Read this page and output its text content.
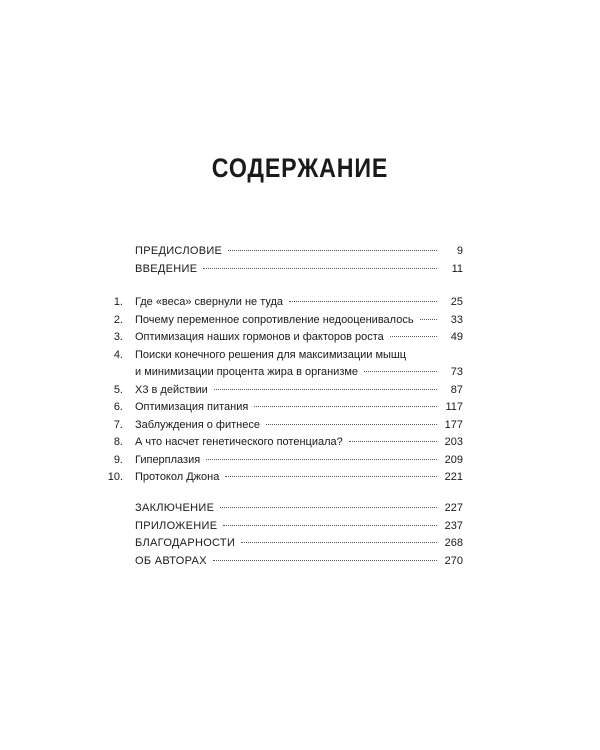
СОДЕРЖАНИЕ
ПРЕДИСЛОВИЕ	9
ВВЕДЕНИЕ	11
1. Где «веса» свернули не туда	25
2. Почему переменное сопротивление недооценивалось	33
3. Оптимизация наших гормонов и факторов роста	49
4.	Поиски конечного решения для максимизации мышц
и минимизации процента жира в организме	73
5. X3 в действии	87
6. Оптимизация питания	117
7. Заблуждения о фитнесе	177
8. А что насчет генетического потенциала?	203
9. Гиперплазия	209
10. Протокол Джона	221
ЗАКЛЮЧЕНИЕ	227
ПРИЛОЖЕНИЕ	237
БЛАГОДАРНОСТИ	268
ОБ АВТОРАХ	270
